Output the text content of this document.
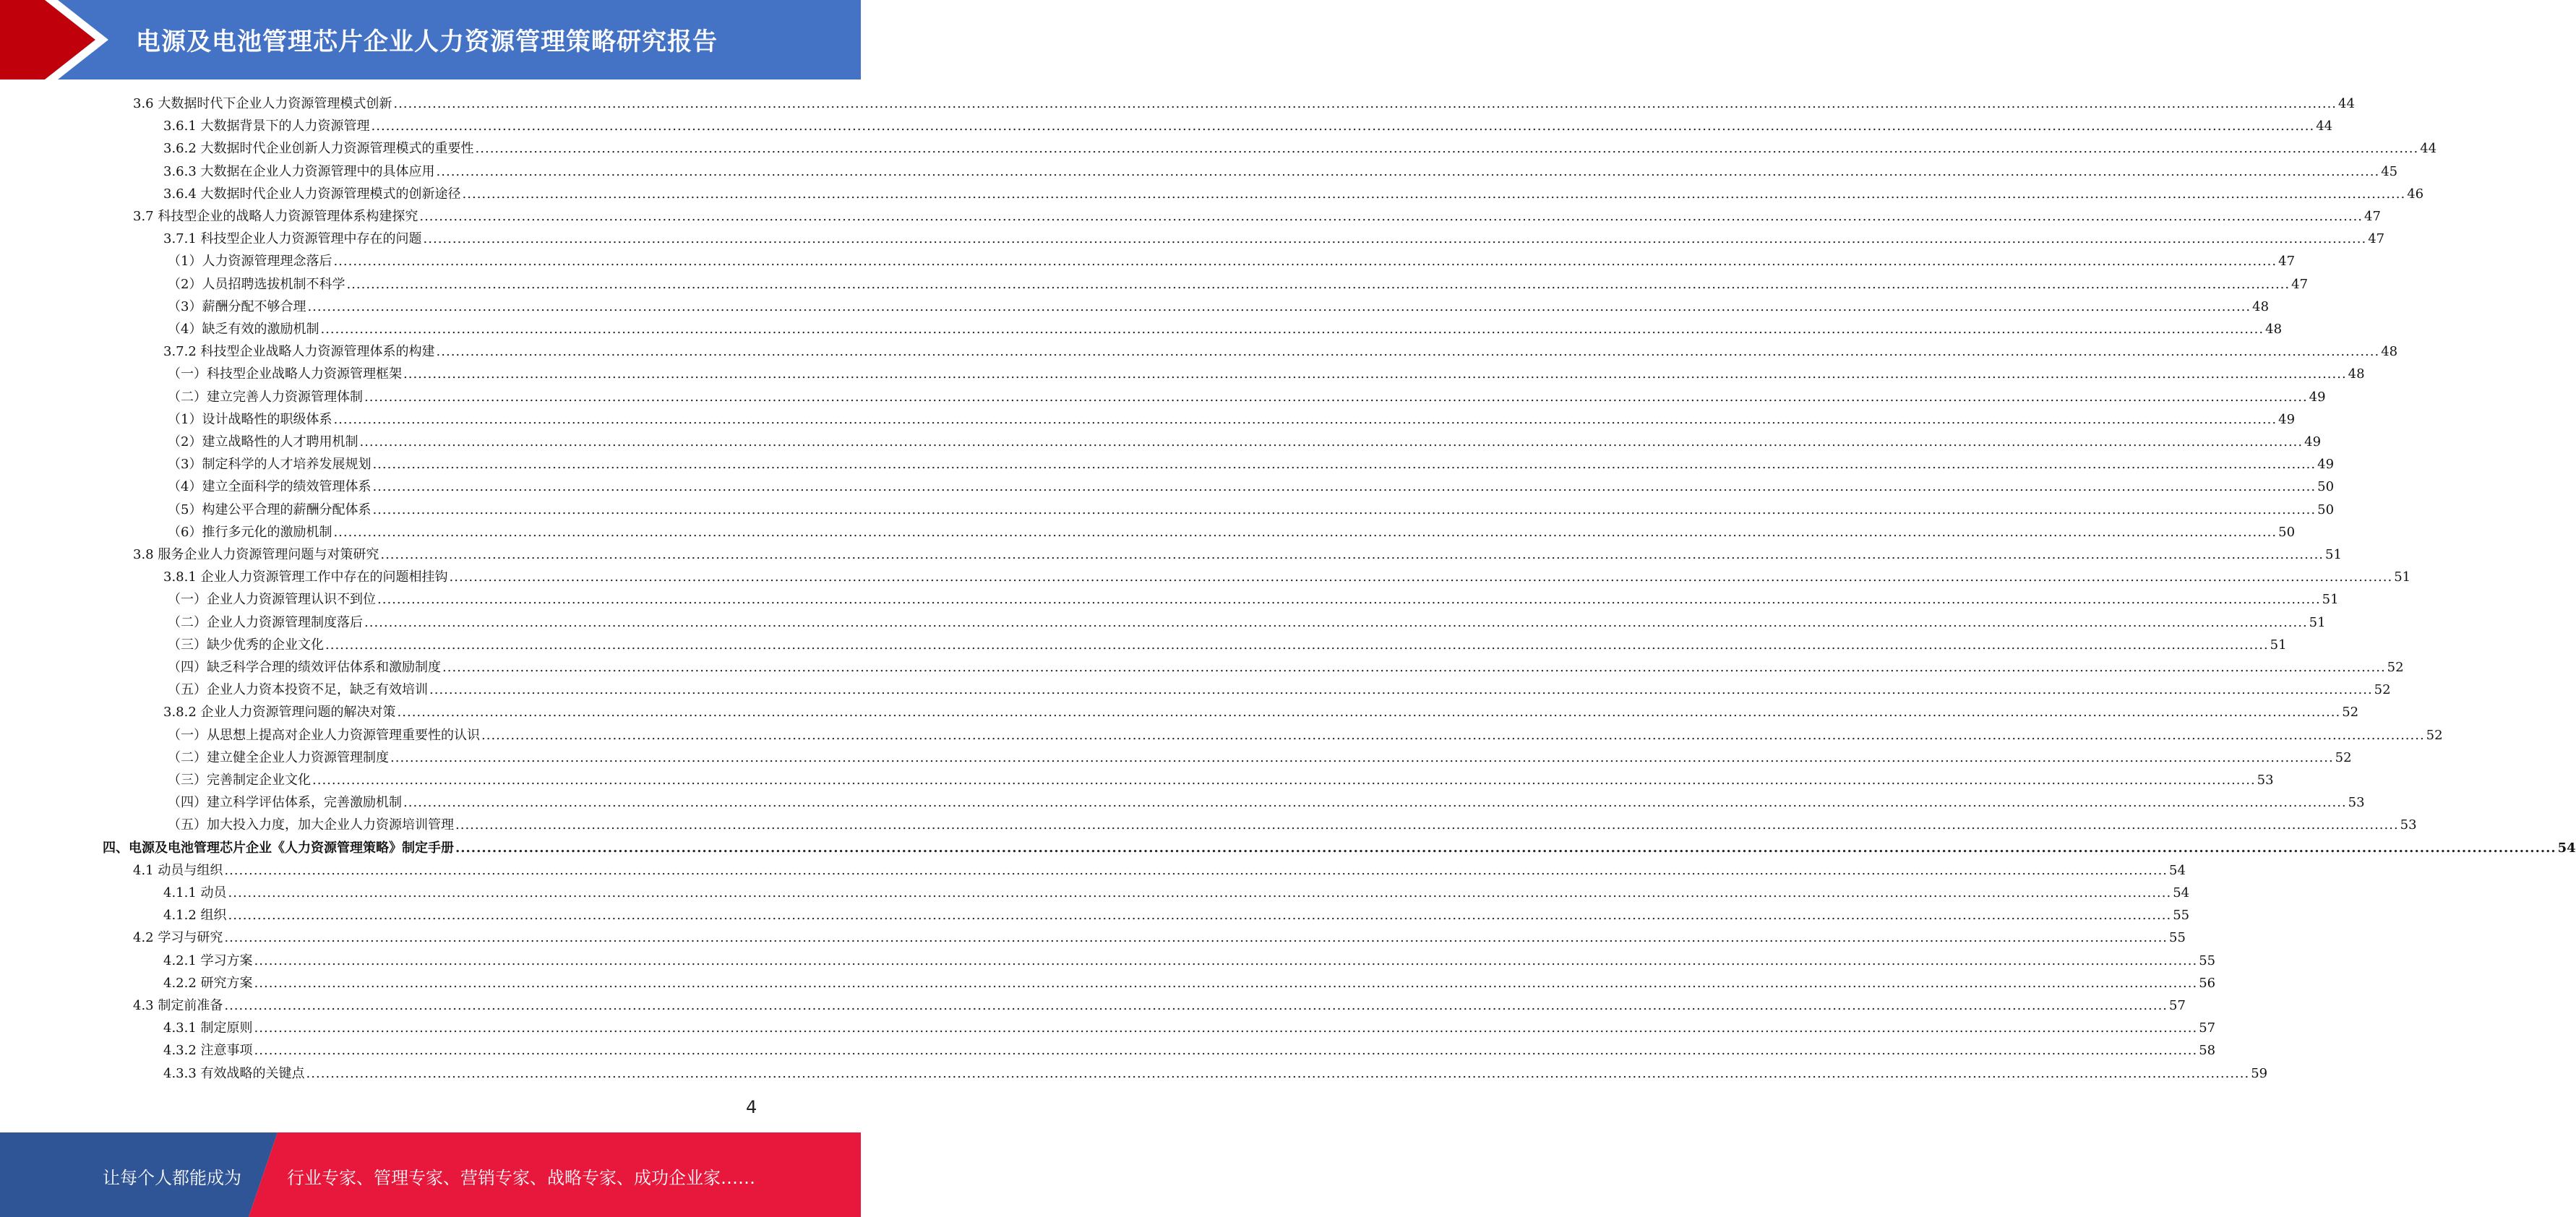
电源及电池管理芯片企业人力资源管理策略研究报告
3.6 大数据时代下企业人力资源管理模式创新 ................................................................................................................................................................................................................................................................................................................................................................................................................ 44
3.6.1 大数据背景下的人力资源管理 ................................................................................................................................................................................................................................................................................................................................................................................................................ 44
3.6.2 大数据时代企业创新人力资源管理模式的重要性 ................................................................................................................................................................................................................................................................................................................................................................................................................ 44
3.6.3 大数据在企业人力资源管理中的具体应用 ................................................................................................................................................................................................................................................................................................................................................................................................................ 45
3.6.4 大数据时代企业人力资源管理模式的创新途径 ................................................................................................................................................................................................................................................................................................................................................................................................................ 46
3.7 科技型企业的战略人力资源管理体系构建探究 ................................................................................................................................................................................................................................................................................................................................................................................................................ 47
3.7.1 科技型企业人力资源管理中存在的问题 ................................................................................................................................................................................................................................................................................................................................................................................................................ 47
（1）人力资源管理理念落后 ................................................................................................................................................................................................................................................................................................................................................................................................................ 47
（2）人员招聘选拔机制不科学 ................................................................................................................................................................................................................................................................................................................................................................................................................ 47
（3）薪酬分配不够合理 ................................................................................................................................................................................................................................................................................................................................................................................................................ 48
（4）缺乏有效的激励机制 ................................................................................................................................................................................................................................................................................................................................................................................................................ 48
3.7.2 科技型企业战略人力资源管理体系的构建 ................................................................................................................................................................................................................................................................................................................................................................................................................ 48
（一）科技型企业战略人力资源管理框架 ................................................................................................................................................................................................................................................................................................................................................................................................................ 48
（二）建立完善人力资源管理体制 ................................................................................................................................................................................................................................................................................................................................................................................................................ 49
（1）设计战略性的职级体系 ................................................................................................................................................................................................................................................................................................................................................................................................................ 49
（2）建立战略性的人才聘用机制 ................................................................................................................................................................................................................................................................................................................................................................................................................ 49
（3）制定科学的人才培养发展规划 ................................................................................................................................................................................................................................................................................................................................................................................................................ 49
（4）建立全面科学的绩效管理体系 ................................................................................................................................................................................................................................................................................................................................................................................................................ 50
（5）构建公平合理的薪酬分配体系 ................................................................................................................................................................................................................................................................................................................................................................................................................ 50
（6）推行多元化的激励机制 ................................................................................................................................................................................................................................................................................................................................................................................................................ 50
3.8 服务企业人力资源管理问题与对策研究 ................................................................................................................................................................................................................................................................................................................................................................................................................ 51
3.8.1 企业人力资源管理工作中存在的问题相挂钩 ................................................................................................................................................................................................................................................................................................................................................................................................................ 51
（一）企业人力资源管理认识不到位 ................................................................................................................................................................................................................................................................................................................................................................................................................ 51
（二）企业人力资源管理制度落后 ................................................................................................................................................................................................................................................................................................................................................................................................................ 51
（三）缺少优秀的企业文化 ................................................................................................................................................................................................................................................................................................................................................................................................................ 51
（四）缺乏科学合理的绩效评估体系和激励制度 ................................................................................................................................................................................................................................................................................................................................................................................................................ 52
（五）企业人力资本投资不足，缺乏有效培训 ................................................................................................................................................................................................................................................................................................................................................................................................................ 52
3.8.2 企业人力资源管理问题的解决对策 ................................................................................................................................................................................................................................................................................................................................................................................................................ 52
（一）从思想上提高对企业人力资源管理重要性的认识 ................................................................................................................................................................................................................................................................................................................................................................................................................ 52
（二）建立健全企业人力资源管理制度 ................................................................................................................................................................................................................................................................................................................................................................................................................ 52
（三）完善制定企业文化 ................................................................................................................................................................................................................................................................................................................................................................................................................ 53
（四）建立科学评估体系，完善激励机制 ................................................................................................................................................................................................................................................................................................................................................................................................................ 53
（五）加大投入力度，加大企业人力资源培训管理 ................................................................................................................................................................................................................................................................................................................................................................................................................ 53
四、电源及电池管理芯片企业《人力资源管理策略》制定手册 ................................................................................................................................................................................................................................................................................................................................................................................................................ 54
4.1 动员与组织 ................................................................................................................................................................................................................................................................................................................................................................................................................ 54
4.1.1 动员 ................................................................................................................................................................................................................................................................................................................................................................................................................ 54
4.1.2 组织 ................................................................................................................................................................................................................................................................................................................................................................................................................ 55
4.2 学习与研究 ................................................................................................................................................................................................................................................................................................................................................................................................................ 55
4.2.1 学习方案 ................................................................................................................................................................................................................................................................................................................................................................................................................ 55
4.2.2 研究方案 ................................................................................................................................................................................................................................................................................................................................................................................................................ 56
4.3 制定前准备 ................................................................................................................................................................................................................................................................................................................................................................................................................ 57
4.3.1 制定原则 ................................................................................................................................................................................................................................................................................................................................................................................................................ 57
4.3.2 注意事项 ................................................................................................................................................................................................................................................................................................................................................................................................................ 58
4.3.3 有效战略的关键点 ................................................................................................................................................................................................................................................................................................................................................................................................................ 59
4
让每个人都能成为	行业专家、管理专家、营销专家、战略专家、成功企业家……
